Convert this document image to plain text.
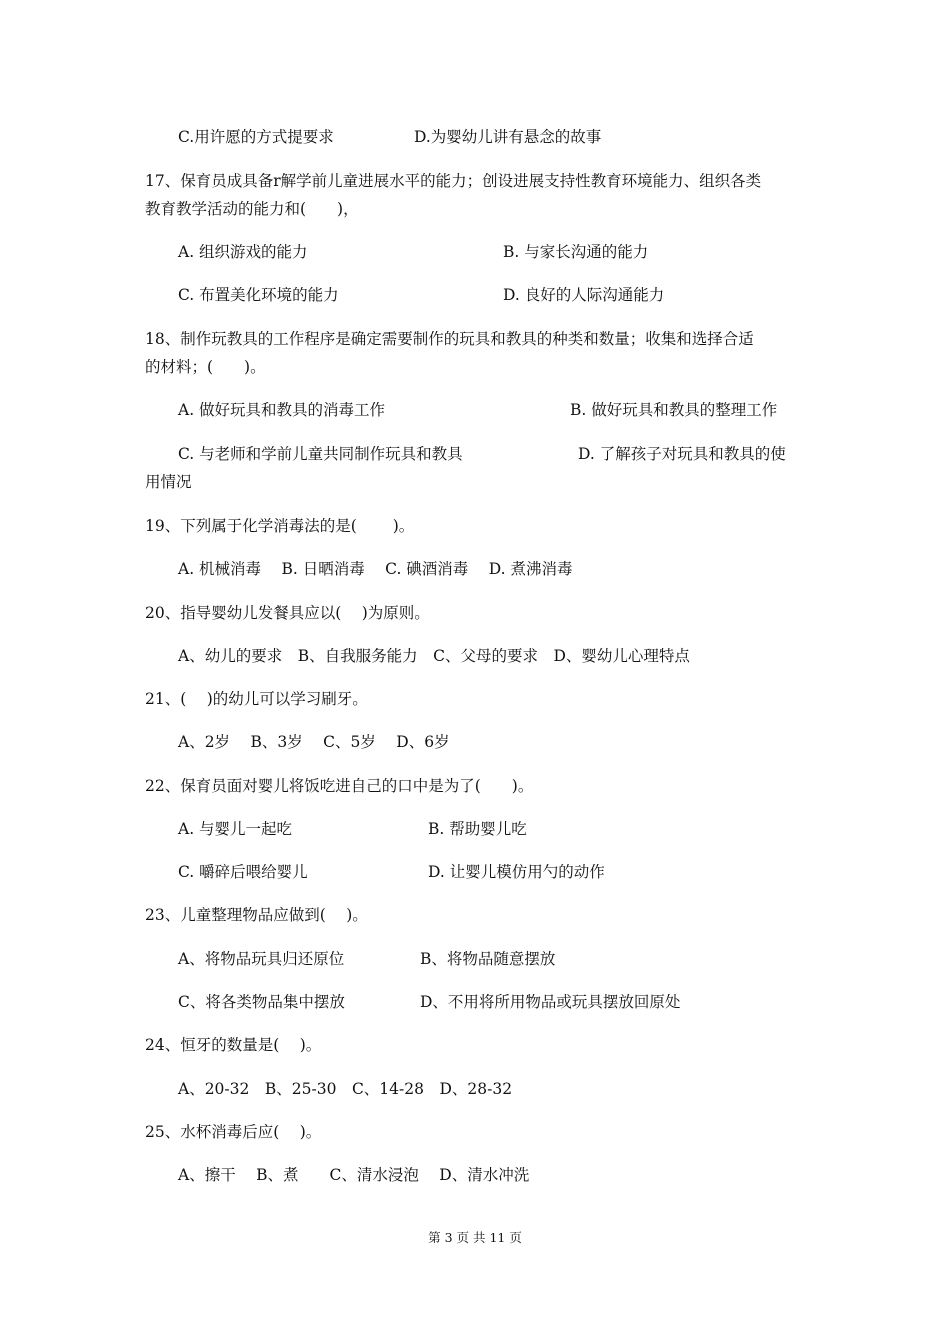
C.用许愿的方式提要求	D.为婴幼儿讲有悬念的故事
17、保育员成具备r解学前儿童进展水平的能力；创设进展支持性教育环境能力、组织各类
教育教学活动的能力和(　　)，
A. 组织游戏的能力	B. 与家长沟通的能力
C. 布置美化环境的能力	D. 良好的人际沟通能力
18、制作玩教具的工作程序是确定需要制作的玩具和教具的种类和数量；收集和选择合适
的材料；(　　)。
A. 做好玩具和教具的消毒工作	B. 做好玩具和教具的整理工作
C. 与老师和学前儿童共同制作玩具和教具	D. 了解孩子对玩具和教具的使
用情况
19、下列属于化学消毒法的是(　　 )。
A. 机械消毒　 B. 日晒消毒　 C. 碘酒消毒　 D. 煮沸消毒
20、指导婴幼儿发餐具应以(　 )为原则。
A、幼儿的要求　B、自我服务能力　C、父母的要求　D、婴幼儿心理特点
21、(　 )的幼儿可以学习刷牙。
A、2岁　 B、3岁　 C、5岁　 D、6岁
22、保育员面对婴儿将饭吃进自己的口中是为了(　　)。
A. 与婴儿一起吃	B. 帮助婴儿吃
C. 嚼碎后喂给婴儿	D. 让婴儿模仿用勺的动作
23、儿童整理物品应做到(　 )。
A、将物品玩具归还原位	B、将物品随意摆放
C、将各类物品集中摆放	D、不用将所用物品或玩具摆放回原处
24、恒牙的数量是(　 )。
A、20-32　B、25-30　C、14-28　D、28-32
25、水杯消毒后应(　 )。
A、擦干　 B、煮　　C、清水浸泡　 D、清水冲洗
第 3 页 共 11 页
